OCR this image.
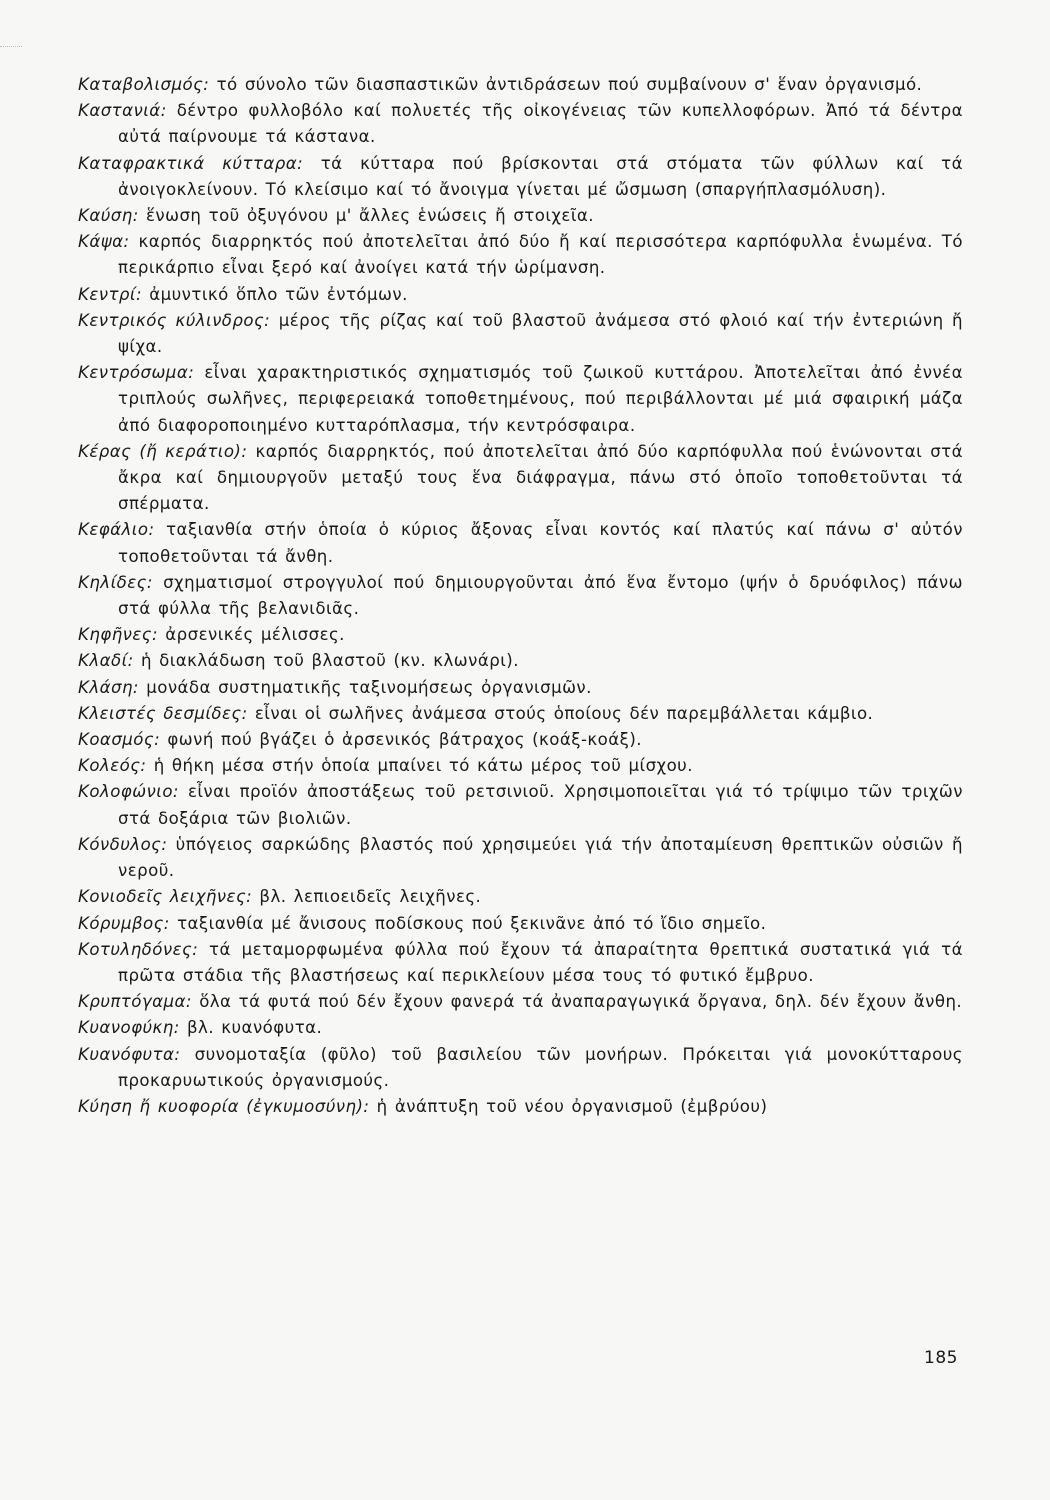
Καταβολισμός: τό σύνολο τῶν διασπαστικῶν ἀντιδράσεων πού συμβαίνουν σ' ἕναν ὀργανισμό.

Καστανιά: δέντρο φυλλοβόλο καί πολυετές τῆς οἰκογένειας τῶν κυπελλοφόρων. Ἀπό τά δέντρα αὐτά παίρνουμε τά κάστανα.

Καταφρακτικά κύτταρα: τά κύτταρα πού βρίσκονται στά στόματα τῶν φύλλων καί τά ἀνοιγοκλείνουν. Τό κλείσιμο καί τό ἄνοιγμα γίνεται μέ ὤσμωση (σπαργήπλασμόλυση).

Καύση: ἕνωση τοῦ ὀξυγόνου μ' ἄλλες ἑνώσεις ἤ στοιχεῖα.

Κάψα: καρπός διαρρηκτός πού ἀποτελεῖται ἀπό δύο ἤ καί περισσότερα καρπόφυλλα ἑνωμένα. Τό περικάρπιο εἶναι ξερό καί ἀνοίγει κατά τήν ὡρίμανση.

Κεντρί: ἀμυντικό ὅπλο τῶν ἐντόμων.

Κεντρικός κύλινδρος: μέρος τῆς ρίζας καί τοῦ βλαστοῦ ἀνάμεσα στό φλοιό καί τήν ἐντεριώνη ἤ ψίχα.

Κεντρόσωμα: εἶναι χαρακτηριστικός σχηματισμός τοῦ ζωικοῦ κυττάρου. Ἀποτελεῖται ἀπό ἐννέα τριπλούς σωλῆνες, περιφερειακά τοποθετημένους, πού περιβάλλονται μέ μιά σφαιρική μάζα ἀπό διαφοροποιημένο κυτταρόπλασμα, τήν κεντρόσφαιρα.

Κέρας (ἤ κεράτιο): καρπός διαρρηκτός, πού ἀποτελεῖται ἀπό δύο καρπόφυλλα πού ἑνώνονται στά ἄκρα καί δημιουργοῦν μεταξύ τους ἕνα διάφραγμα, πάνω στό ὁποῖο τοποθετοῦνται τά σπέρματα.

Κεφάλιο: ταξιανθία στήν ὁποία ὁ κύριος ἄξονας εἶναι κοντός καί πλατύς καί πάνω σ' αὐτόν τοποθετοῦνται τά ἄνθη.

Κηλίδες: σχηματισμοί στρογγυλοί πού δημιουργοῦνται ἀπό ἕνα ἔντομο (ψήν ὁ δρυόφιλος) πάνω στά φύλλα τῆς βελανιδιᾶς.

Κηφῆνες: ἀρσενικές μέλισσες.

Κλαδί: ἡ διακλάδωση τοῦ βλαστοῦ (κν. κλωνάρι).

Κλάση: μονάδα συστηματικῆς ταξινομήσεως ὀργανισμῶν.

Κλειστές δεσμίδες: εἶναι οἱ σωλῆνες ἀνάμεσα στούς ὁποίους δέν παρεμβάλλεται κάμβιο.

Κοασμός: φωνή πού βγάζει ὁ ἀρσενικός βάτραχος (κοάξ-κοάξ).

Κολεός: ἡ θήκη μέσα στήν ὁποία μπαίνει τό κάτω μέρος τοῦ μίσχου.

Κολοφώνιο: εἶναι προϊόν ἀποστάξεως τοῦ ρετσινιοῦ. Χρησιμοποιεῖται γιά τό τρίψιμο τῶν τριχῶν στά δοξάρια τῶν βιολιῶν.

Κόνδυλος: ὑπόγειος σαρκώδης βλαστός πού χρησιμεύει γιά τήν ἀποταμίευση θρεπτικῶν οὐσιῶν ἤ νεροῦ.

Κονιοδεῖς λειχῆνες: βλ. λεπιοειδεῖς λειχῆνες.

Κόρυμβος: ταξιανθία μέ ἄνισους ποδίσκους πού ξεκινᾶνε ἀπό τό ἴδιο σημεῖο.

Κοτυληδόνες: τά μεταμορφωμένα φύλλα πού ἔχουν τά ἀπαραίτητα θρεπτικά συστατικά γιά τά πρῶτα στάδια τῆς βλαστήσεως καί περικλείουν μέσα τους τό φυτικό ἔμβρυο.

Κρυπτόγαμα: ὅλα τά φυτά πού δέν ἔχουν φανερά τά ἀναπαραγωγικά ὄργανα, δηλ. δέν ἔχουν ἄνθη.

Κυανοφύκη: βλ. κυανόφυτα.

Κυανόφυτα: συνομοταξία (φῦλο) τοῦ βασιλείου τῶν μονήρων. Πρόκειται γιά μονοκύτταρους προκαρυωτικούς ὀργανισμούς.

Κύηση ἤ κυοφορία (ἐγκυμοσύνη): ἡ ἀνάπτυξη τοῦ νέου ὀργανισμοῦ (ἐμβρύου)

185
